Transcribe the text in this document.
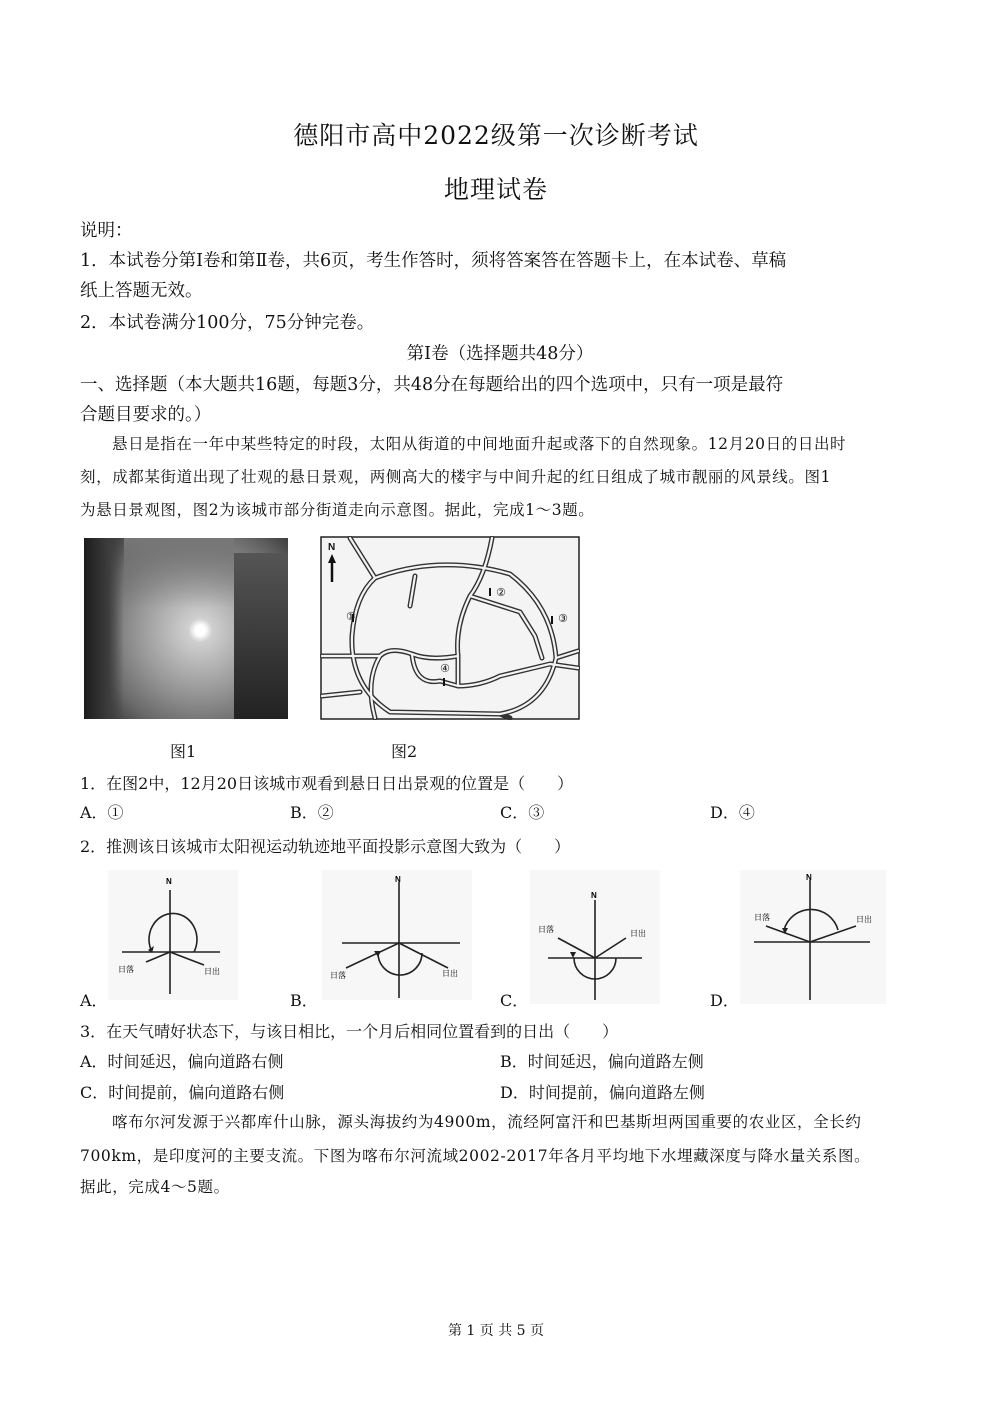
德阳市高中2022级第一次诊断考试
地理试卷
说明：
1．本试卷分第Ⅰ卷和第Ⅱ卷，共6页，考生作答时，须将答案答在答题卡上，在本试卷、草稿
纸上答题无效。
2．本试卷满分100分，75分钟完卷。
第Ⅰ卷（选择题共48分）
一、选择题（本大题共16题，每题3分，共48分在每题给出的四个选项中，只有一项是最符
合题目要求的。）
悬日是指在一年中某些特定的时段，太阳从街道的中间地面升起或落下的自然现象。12月20日的日出时
刻，成都某街道出现了壮观的悬日景观，两侧高大的楼宇与中间升起的红日组成了城市靓丽的风景线。图1
为悬日景观图，图2为该城市部分街道走向示意图。据此，完成1～3题。
N
①
②
③
④
图1	图2
1．在图2中，12月20日该城市观看到悬日日出景观的位置是（　　）
A．①	B．②	C．③	D．④
2．推测该日该城市太阳视运动轨迹地平面投影示意图大致为（　　）
N
日落	日出
N
日落	日出
N
日落	日出
N
日落	日出
A．	B．	C．	D．
3．在天气晴好状态下，与该日相比，一个月后相同位置看到的日出（　　）
A．时间延迟，偏向道路右侧	B．时间延迟，偏向道路左侧
C．时间提前，偏向道路右侧	D．时间提前，偏向道路左侧
喀布尔河发源于兴都库什山脉，源头海拔约为4900m，流经阿富汗和巴基斯坦两国重要的农业区，全长约
700km，是印度河的主要支流。下图为喀布尔河流域2002-2017年各月平均地下水埋藏深度与降水量关系图。
据此，完成4～5题。
第 1 页 共 5 页
